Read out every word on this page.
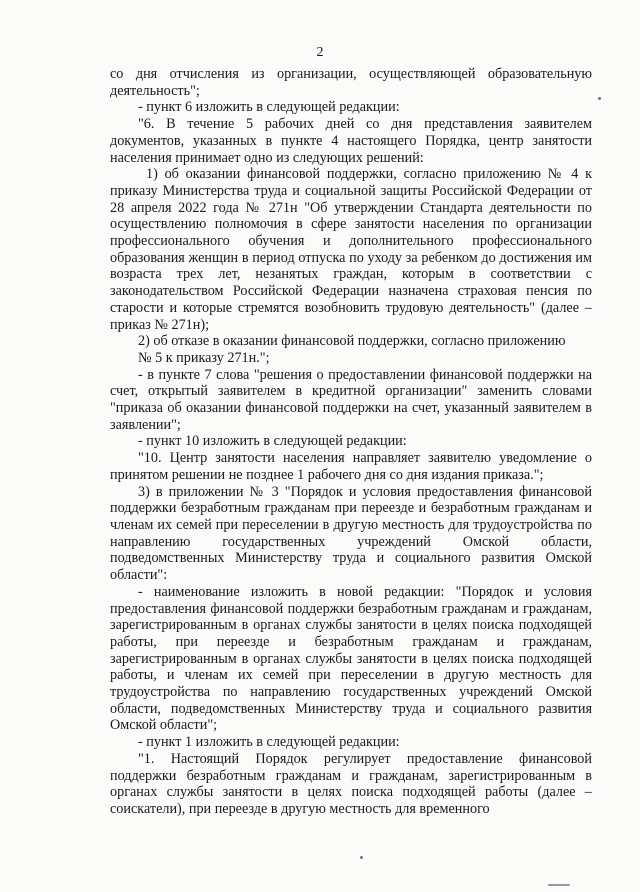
2

со дня отчисления из организации, осуществляющей образовательную деятельность";

- пункт 6 изложить в следующей редакции:

"6. В течение 5 рабочих дней со дня представления заявителем документов, указанных в пункте 4 настоящего Порядка, центр занятости населения принимает одно из следующих решений:

1) об оказании финансовой поддержки, согласно приложению № 4 к приказу Министерства труда и социальной защиты Российской Федерации от 28 апреля 2022 года № 271н "Об утверждении Стандарта деятельности по осуществлению полномочия в сфере занятости населения по организации профессионального обучения и дополнительного профессионального образования женщин в период отпуска по уходу за ребенком до достижения им возраста трех лет, незанятых граждан, которым в соответствии с законодательством Российской Федерации назначена страховая пенсия по старости и которые стремятся возобновить трудовую деятельность" (далее – приказ № 271н);

2) об отказе в оказании финансовой поддержки, согласно приложению

№ 5 к приказу 271н.";

- в пункте 7 слова "решения о предоставлении финансовой поддержки на счет, открытый заявителем в кредитной организации" заменить словами "приказа об оказании финансовой поддержки на счет, указанный заявителем в заявлении";

- пункт 10 изложить в следующей редакции:

"10. Центр занятости населения направляет заявителю уведомление о принятом решении не позднее 1 рабочего дня со дня издания приказа.";

3) в приложении № 3 "Порядок и условия предоставления финансовой поддержки безработным гражданам при переезде и безработным гражданам и членам их семей при переселении в другую местность для трудоустройства по направлению государственных учреждений Омской области, подведомственных Министерству труда и социального развития Омской области":

- наименование изложить в новой редакции: "Порядок и условия предоставления финансовой поддержки безработным гражданам и гражданам, зарегистрированным в органах службы занятости в целях поиска подходящей работы, при переезде и безработным гражданам и гражданам, зарегистрированным в органах службы занятости в целях поиска подходящей работы, и членам их семей при переселении в другую местность для трудоустройства по направлению государственных учреждений Омской области, подведомственных Министерству труда и социального развития Омской области";

- пункт 1 изложить в следующей редакции:

"1. Настоящий Порядок регулирует предоставление финансовой поддержки безработным гражданам и гражданам, зарегистрированным в органах службы занятости в целях поиска подходящей работы (далее – соискатели), при переезде в другую местность для временного
